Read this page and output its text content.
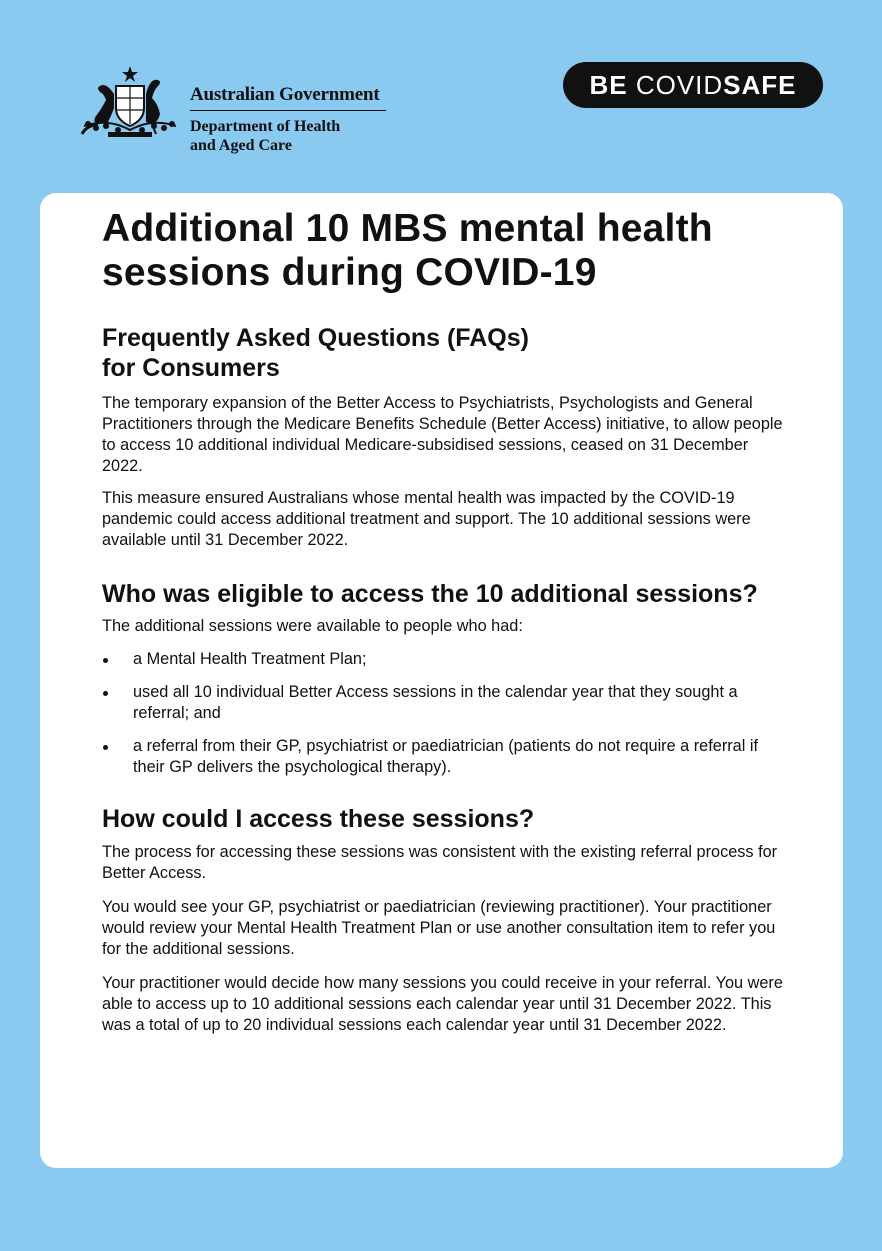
Australian Government
Department of Health
and Aged Care
BE COVIDSAFE
Additional 10 MBS mental health
sessions during COVID-19
Frequently Asked Questions (FAQs)
for Consumers

The temporary expansion of the Better Access to Psychiatrists, Psychologists and General Practitioners through the Medicare Benefits Schedule (Better Access) initiative, to allow people to access 10 additional individual Medicare-subsidised sessions, ceased on 31 December 2022.

This measure ensured Australians whose mental health was impacted by the COVID-19 pandemic could access additional treatment and support. The 10 additional sessions were available until 31 December 2022.

Who was eligible to access the 10 additional sessions?

The additional sessions were available to people who had:

a Mental Health Treatment Plan;
used all 10 individual Better Access sessions in the calendar year that they sought a referral; and
a referral from their GP, psychiatrist or paediatrician (patients do not require a referral if their GP delivers the psychological therapy).
How could I access these sessions?

The process for accessing these sessions was consistent with the existing referral process for Better Access.

You would see your GP, psychiatrist or paediatrician (reviewing practitioner). Your practitioner would review your Mental Health Treatment Plan or use another consultation item to refer you for the additional sessions.

Your practitioner would decide how many sessions you could receive in your referral. You were able to access up to 10 additional sessions each calendar year until 31 December 2022. This was a total of up to 20 individual sessions each calendar year until 31 December 2022.
